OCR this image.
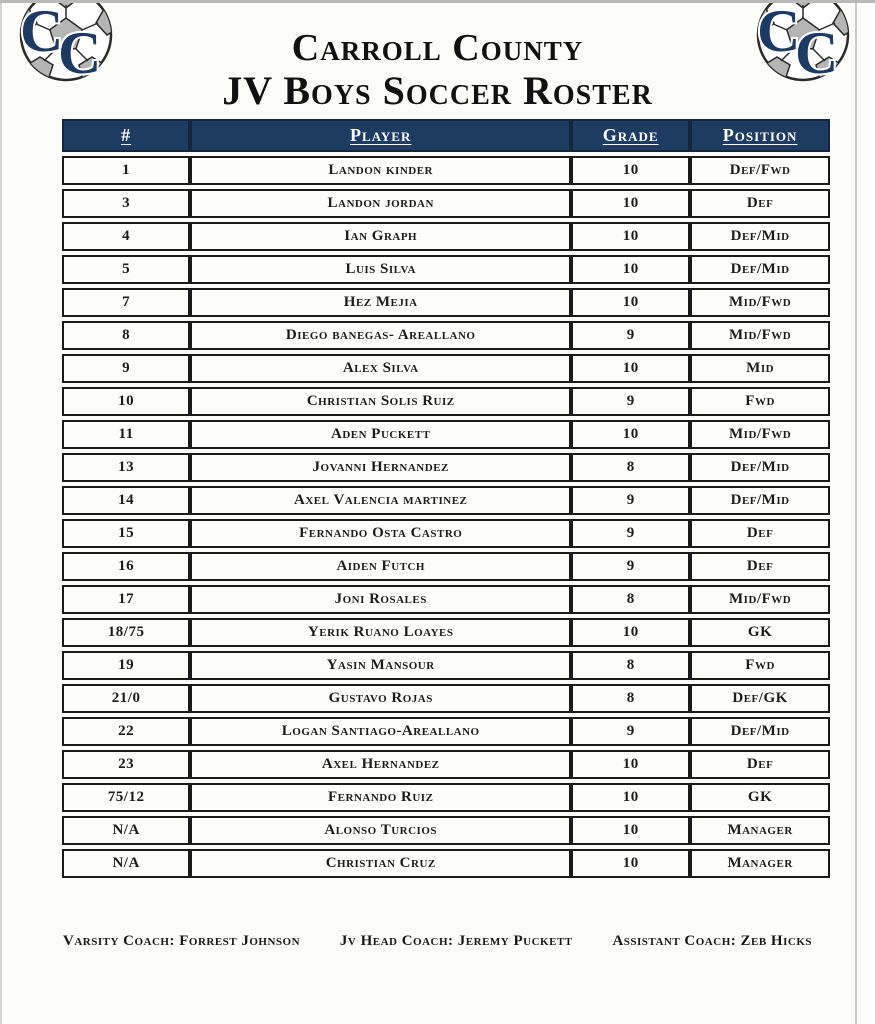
C
C	C
C
Carroll County
JV Boys Soccer Roster
#	Player	Grade	Position
1	Landon kinder	10	Def/Fwd
3	Landon jordan	10	Def
4	Ian Graph	10	Def/Mid
5	Luis Silva	10	Def/Mid
7	Hez Mejia	10	Mid/Fwd
8	Diego banegas- Areallano	9	Mid/Fwd
9	Alex Silva	10	Mid
10	Christian Solis Ruiz	9	Fwd
11	Aden Puckett	10	Mid/Fwd
13	Jovanni Hernandez	8	Def/Mid
14	Axel Valencia martinez	9	Def/Mid
15	Fernando Osta Castro	9	Def
16	Aiden Futch	9	Def
17	Joni Rosales	8	Mid/Fwd
18/75	Yerik Ruano Loayes	10	GK
19	Yasin Mansour	8	Fwd
21/0	Gustavo Rojas	8	Def/GK
22	Logan Santiago-Areallano	9	Def/Mid
23	Axel Hernandez	10	Def
75/12	Fernando Ruiz	10	GK
N/A	Alonso Turcios	10	Manager
N/A	Christian Cruz	10	Manager
Varsity Coach: Forrest Johnson	Jv Head Coach: Jeremy Puckett	Assistant Coach: Zeb Hicks
